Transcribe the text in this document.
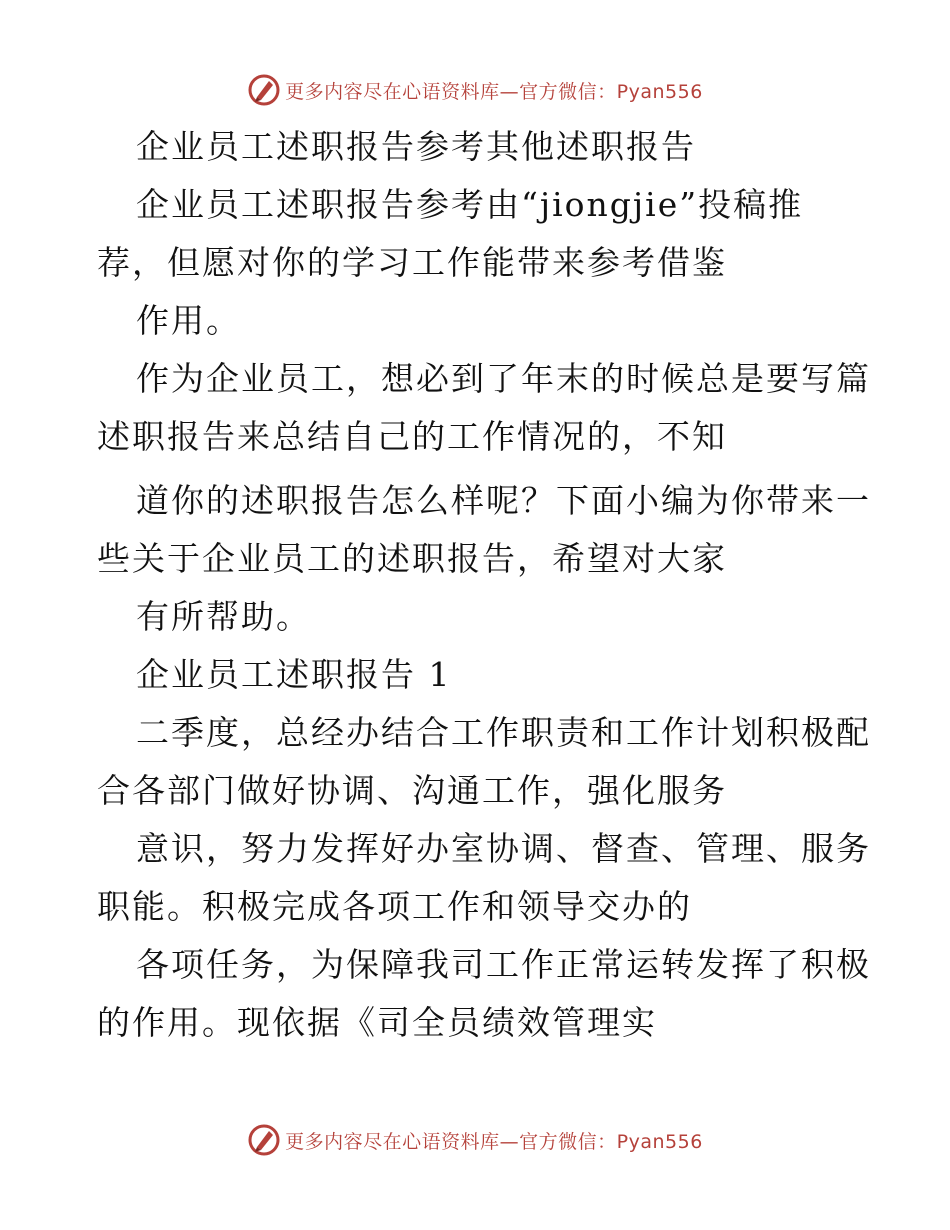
更多内容尽在心语资料库—官方微信：Pyan556
企业员工述职报告参考其他述职报告
企业员工述职报告参考由“jiongjie”投稿推
荐，但愿对你的学习工作能带来参考借鉴
作用。
作为企业员工，想必到了年末的时候总是要写篇
述职报告来总结自己的工作情况的，不知
道你的述职报告怎么样呢？下面小编为你带来一
些关于企业员工的述职报告，希望对大家
有所帮助。
企业员工述职报告 1
二季度，总经办结合工作职责和工作计划积极配
合各部门做好协调、沟通工作，强化服务
意识，努力发挥好办室协调、督查、管理、服务
职能。积极完成各项工作和领导交办的
各项任务，为保障我司工作正常运转发挥了积极
的作用。现依据《司全员绩效管理实
更多内容尽在心语资料库—官方微信：Pyan556
